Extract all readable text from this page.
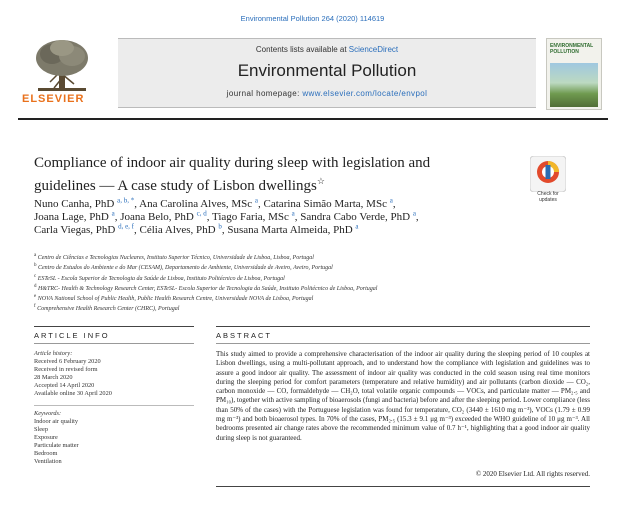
Environmental Pollution 264 (2020) 114619
ELSEVIER
Contents lists available at ScienceDirect
Environmental Pollution
journal homepage: www.elsevier.com/locate/envpol
ENVIRONMENTAL POLLUTION
Compliance of indoor air quality during sleep with legislation and
guidelines — A case study of Lisbon dwellings☆
Check for
updates
Nuno Canha, PhD $^{a, b, *}$, Ana Carolina Alves, MSc $^a$, Catarina Simão Marta, MSc $^a$,
Joana Lage, PhD $^a$, Joana Belo, PhD $^{c, d}$, Tiago Faria, MSc $^a$, Sandra Cabo Verde, PhD $^a$,
Carla Viegas, PhD $^{d, e, f}$, Célia Alves, PhD $^b$, Susana Marta Almeida, PhD $^a$
$^a$ Centro de Ciências e Tecnologias Nucleares, Instituto Superior Técnico, Universidade de Lisboa, Lisboa, Portugal
$^b$ Centro de Estudos do Ambiente e do Mar (CESAM), Departamento de Ambiente, Universidade de Aveiro, Aveiro, Portugal
$^c$ ESTeSL - Escola Superior de Tecnologia da Saúde de Lisboa, Instituto Politécnico de Lisboa, Portugal
$^d$ H&TRC- Health & Technology Research Center, ESTeSL- Escola Superior de Tecnologia da Saúde, Instituto Politécnico de Lisboa, Portugal
$^e$ NOVA National School of Public Health, Public Health Research Centre, Universidade NOVA de Lisboa, Portugal
$^f$ Comprehensive Health Research Center (CHRC), Portugal
ARTICLE INFO	ABSTRACT
Article history:
Received 6 February 2020
Received in revised form
28 March 2020
Accepted 14 April 2020
Available online 30 April 2020
Keywords:
Indoor air quality
Sleep
Exposure
Particulate matter
Bedroom
Ventilation
This study aimed to provide a comprehensive characterisation of the indoor air quality during the sleeping period of 10 couples at Lisbon dwellings, using a multi-pollutant approach, and to understand how the compliance with legislation and guidelines was to assure a good indoor air quality. The assessment of indoor air quality was conducted in the cold season using real time monitors during the sleeping period for comfort parameters (temperature and relative humidity) and air pollutants (carbon dioxide — CO₂, carbon monoxide — CO, formaldehyde — CH₂O, total volatile organic compounds — VOCs, and particulate matter — PM₂.₅ and PM₁₀), together with active sampling of bioaerosols (fungi and bacteria) before and after the sleeping period. Lower compliance (less than 50% of the cases) with the Portuguese legislation was found for temperature, CO₂ (3440 ± 1610 mg m⁻³), VOCs (1.79 ± 0.99 mg m⁻³) and both bioaerosol types. In 70% of the cases, PM₂.₅ (15.3 ± 9.1 μg m⁻³) exceeded the WHO guideline of 10 μg m⁻³. All bedrooms presented air change rates above the recommended minimum value of 0.7 h⁻¹, highlighting that a good indoor air quality during sleep is not guaranteed.
© 2020 Elsevier Ltd. All rights reserved.
